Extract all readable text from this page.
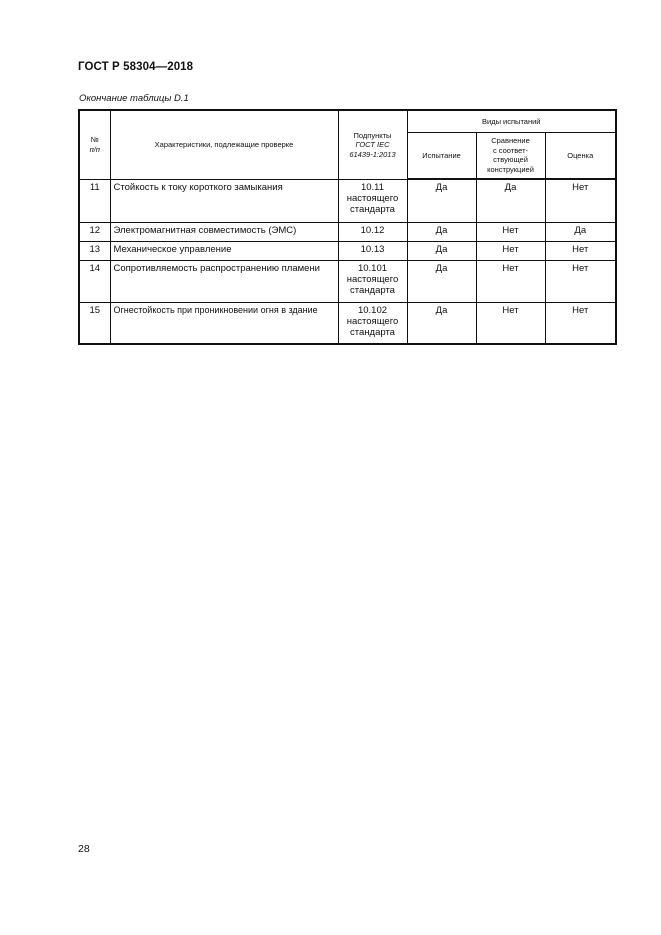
ГОСТ Р 58304—2018
Окончание таблицы D.1
№
п/п	Характеристики, подлежащие проверке	Подпункты
ГОСТ IEC
61439-1:2013	Виды испытаний		
			Испытание	Сравнение
с соответ-
ствующей
конструкцией	Оценка
11	Стойкость к току короткого замыкания	10.11
настоящего
стандарта	Да	Да	Нет
12	Электромагнитная совместимость (ЭМС)	10.12	Да	Нет	Да
13	Механическое управление	10.13	Да	Нет	Нет
14	Сопротивляемость распространению пламени	10.101
настоящего
стандарта	Да	Нет	Нет
15	Огнестойкость при проникновении огня в здание	10.102
настоящего
стандарта	Да	Нет	Нет
28
